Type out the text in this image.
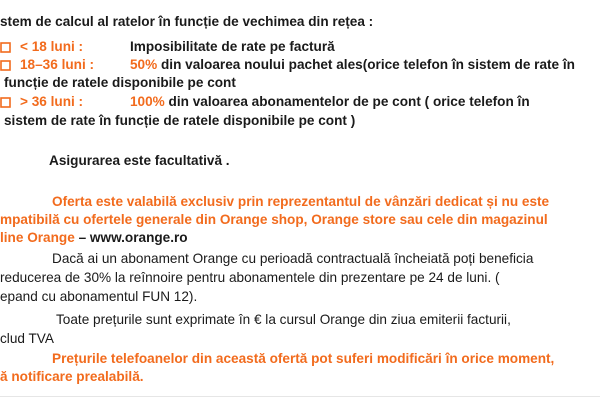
stem de calcul al ratelor în funcție de vechimea din rețea :
< 18 luni :	Imposibilitate de rate pe factură
18–36 luni :	50% din valoarea noului pachet ales(orice telefon în sistem de rate în
funcție de ratele disponibile pe cont
> 36 luni :	100% din valoarea abonamentelor de pe cont ( orice telefon în
sistem de rate în funcție de ratele disponibile pe cont )
Asigurarea este facultativă .
Oferta este valabilă exclusiv prin reprezentantul de vânzări dedicat și nu este
mpatibilă cu ofertele generale din Orange shop, Orange store sau cele din magazinul
line Orange – www.orange.ro
Dacă ai un abonament Orange cu perioadă contractuală încheiată poți beneficia
reducerea de 30% la reînnoire pentru abonamentele din prezentare pe 24 de luni. (
epand cu abonamentul FUN 12).
Toate prețurile sunt exprimate în € la cursul Orange din ziua emiterii facturii,
clud TVA
Prețurile telefoanelor din această ofertă pot suferi modificări în orice moment,
ă notificare prealabilă.
